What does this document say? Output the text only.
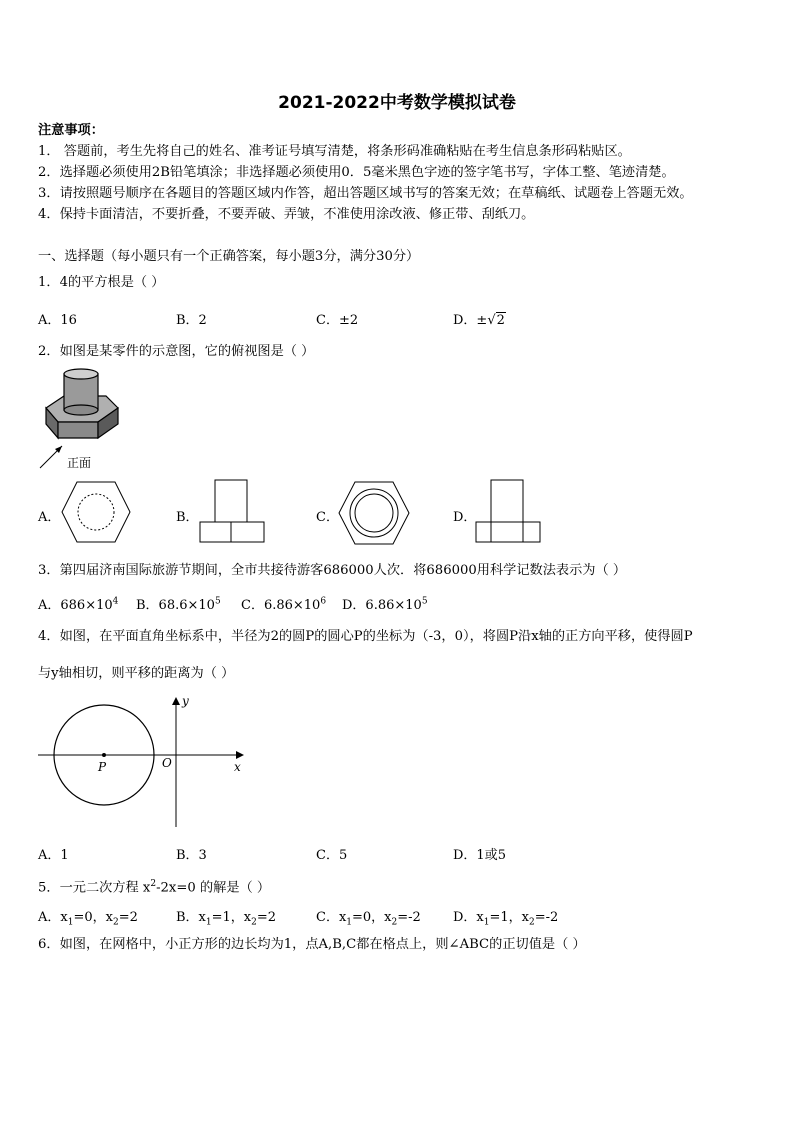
2021-2022中考数学模拟试卷
注意事项：
1． 答题前，考生先将自己的姓名、准考证号填写清楚，将条形码准确粘贴在考生信息条形码粘贴区。
2．选择题必须使用2B铅笔填涂；非选择题必须使用0．5毫米黑色字迹的签字笔书写，字体工整、笔迹清楚。
3．请按照题号顺序在各题目的答题区域内作答，超出答题区域书写的答案无效；在草稿纸、试题卷上答题无效。
4．保持卡面清洁，不要折叠，不要弄破、弄皱，不准使用涂改液、修正带、刮纸刀。
一、选择题（每小题只有一个正确答案，每小题3分，满分30分）
1．4的平方根是（ ）
A．16	B．2	C．±2	D．±√2
2．如图是某零件的示意图，它的俯视图是（ ）
正面
A．	B．	C．	D．
3．第四届济南国际旅游节期间，全市共接待游客686000人次．将686000用科学记数法表示为（ ）
A．$686\times 10^4$ B．$68.6\times 10^5$ C．$6.86\times 10^6$ D．$6.86\times 10^5$
4．如图，在平面直角坐标系中，半径为2的圆P的圆心P的坐标为（-3，0），将圆P沿x轴的正方向平移，使得圆P
与y轴相切，则平移的距离为（ ）
P	O
y
x
A．1	B．3	C．5	D．1或5
5．一元二次方程 $x^2-2x=0$ 的解是（ ）
A．$x_1=0$，$x_2=2$	B．$x_1=1$，$x_2=2$	C．$x_1=0$，$x_2=-2$ D．$x_1=1$，$x_2=-2$
6．如图，在网格中，小正方形的边长均为1，点A,B,C都在格点上，则∠ABC的正切值是（ ）
